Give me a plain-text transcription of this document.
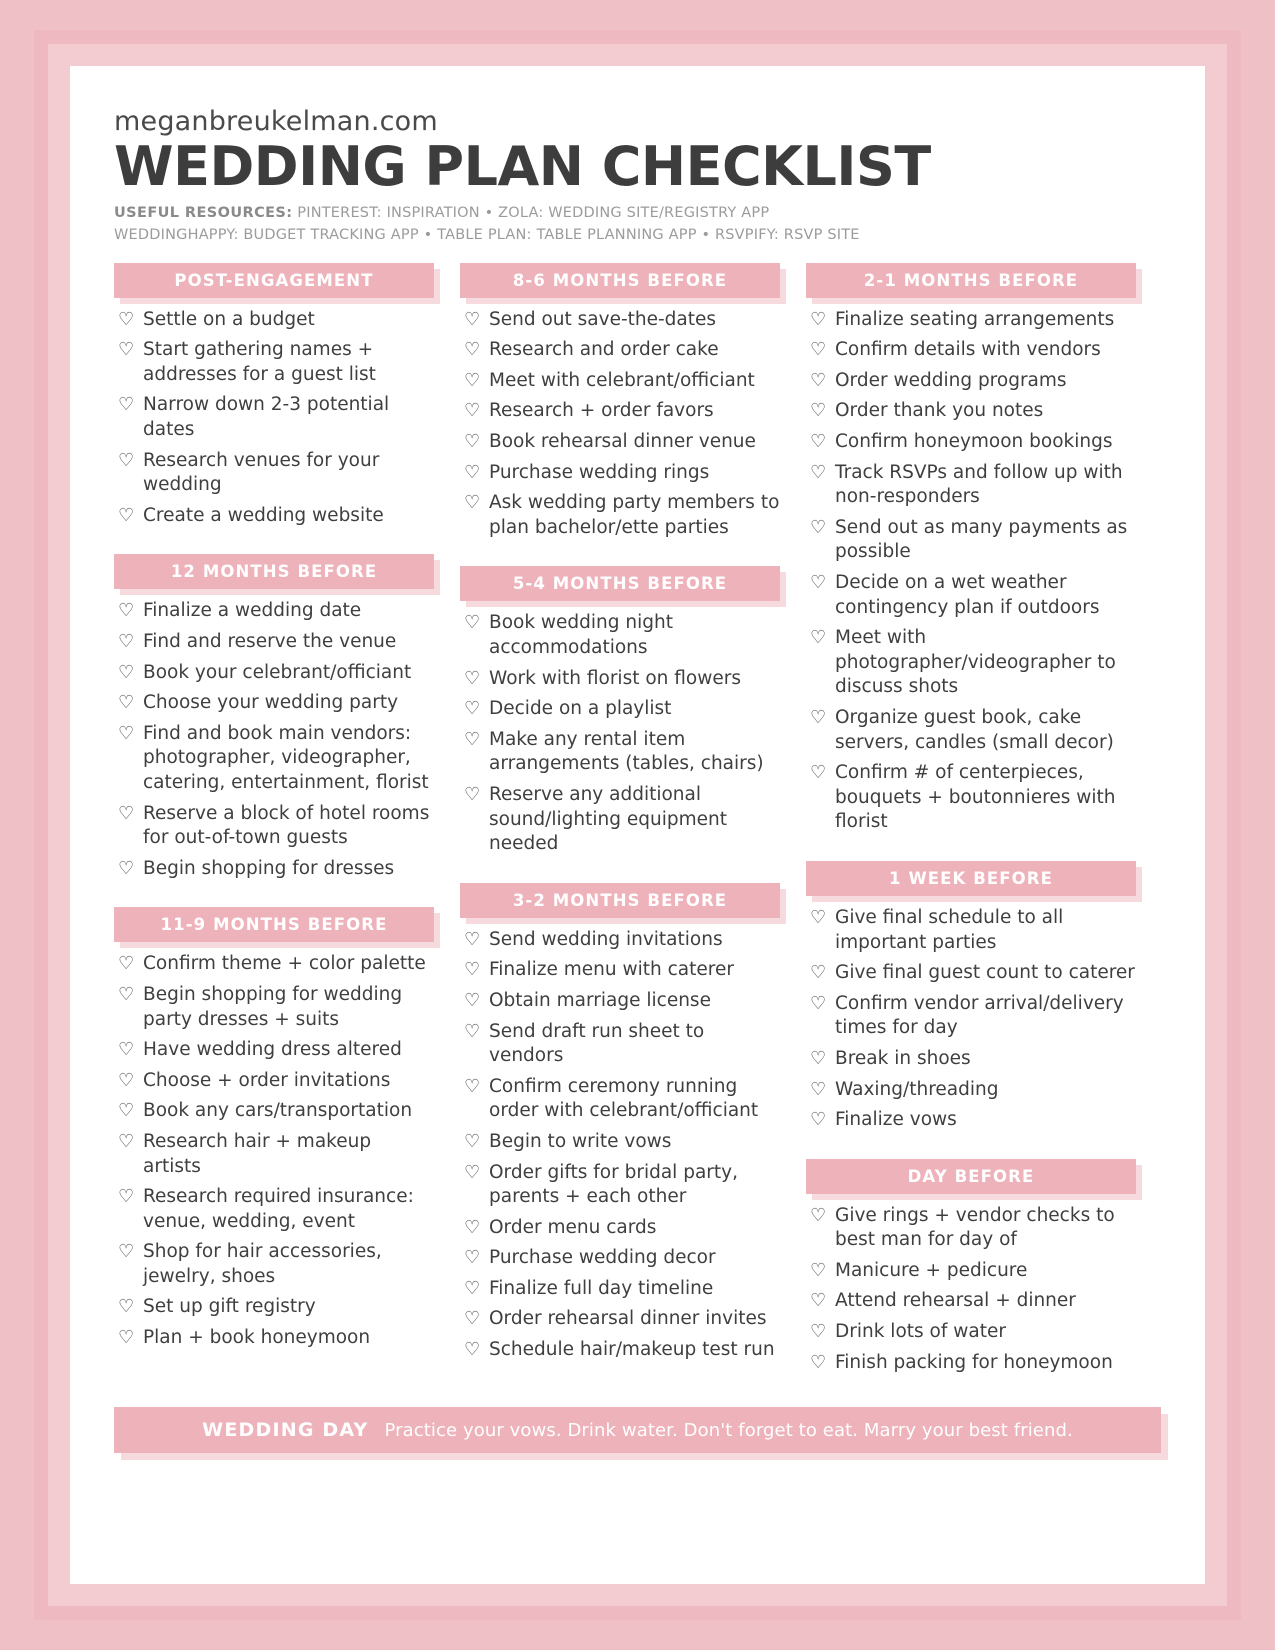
meganbreukelman.com
WEDDING PLAN CHECKLIST
USEFUL RESOURCES: PINTEREST: INSPIRATION • ZOLA: WEDDING SITE/REGISTRY APP
WEDDINGHAPPY: BUDGET TRACKING APP • TABLE PLAN: TABLE PLANNING APP • RSVPIFY: RSVP SITE
POST-ENGAGEMENT
♡ Settle on a budget
♡ Start gathering names + addresses for a guest list
♡ Narrow down 2-3 potential dates
♡ Research venues for your wedding
♡ Create a wedding website
12 MONTHS BEFORE
♡ Finalize a wedding date
♡ Find and reserve the venue
♡ Book your celebrant/officiant
♡ Choose your wedding party
♡ Find and book main vendors: photographer, videographer, catering, entertainment, florist
♡ Reserve a block of hotel rooms for out-of-town guests
♡ Begin shopping for dresses
11-9 MONTHS BEFORE
♡ Confirm theme + color palette
♡ Begin shopping for wedding party dresses + suits
♡ Have wedding dress altered
♡ Choose + order invitations
♡ Book any cars/transportation
♡ Research hair + makeup artists
♡ Research required insurance: venue, wedding, event
♡ Shop for hair accessories, jewelry, shoes
♡ Set up gift registry
♡ Plan + book honeymoon
8-6 MONTHS BEFORE
♡ Send out save-the-dates
♡ Research and order cake
♡ Meet with celebrant/officiant
♡ Research + order favors
♡ Book rehearsal dinner venue
♡ Purchase wedding rings
♡ Ask wedding party members to plan bachelor/ette parties
5-4 MONTHS BEFORE
♡ Book wedding night accommodations
♡ Work with florist on flowers
♡ Decide on a playlist
♡ Make any rental item arrangements (tables, chairs)
♡ Reserve any additional sound/lighting equipment needed
3-2 MONTHS BEFORE
♡ Send wedding invitations
♡ Finalize menu with caterer
♡ Obtain marriage license
♡ Send draft run sheet to vendors
♡ Confirm ceremony running order with celebrant/officiant
♡ Begin to write vows
♡ Order gifts for bridal party, parents + each other
♡ Order menu cards
♡ Purchase wedding decor
♡ Finalize full day timeline
♡ Order rehearsal dinner invites
♡ Schedule hair/makeup test run
2-1 MONTHS BEFORE
♡ Finalize seating arrangements
♡ Confirm details with vendors
♡ Order wedding programs
♡ Order thank you notes
♡ Confirm honeymoon bookings
♡ Track RSVPs and follow up with non-responders
♡ Send out as many payments as possible
♡ Decide on a wet weather contingency plan if outdoors
♡ Meet with photographer/videographer to discuss shots
♡ Organize guest book, cake servers, candles (small decor)
♡ Confirm # of centerpieces, bouquets + boutonnieres with florist
1 WEEK BEFORE
♡ Give final schedule to all important parties
♡ Give final guest count to caterer
♡ Confirm vendor arrival/delivery times for day
♡ Break in shoes
♡ Waxing/threading
♡ Finalize vows
DAY BEFORE
♡ Give rings + vendor checks to best man for day of
♡ Manicure + pedicure
♡ Attend rehearsal + dinner
♡ Drink lots of water
♡ Finish packing for honeymoon
WEDDING DAY Practice your vows. Drink water. Don't forget to eat. Marry your best friend.
